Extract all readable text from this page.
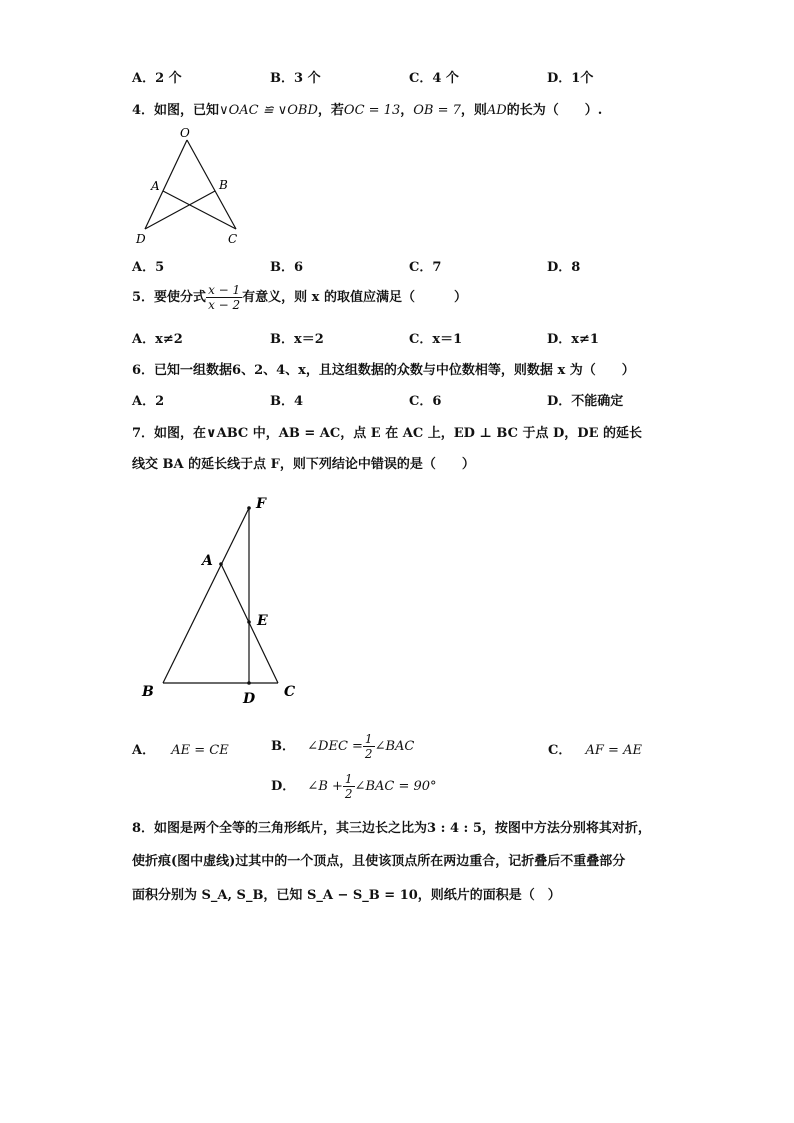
A．2 个	B．3 个	C．4 个	D．1个
4．如图，已知∨OAC ≌ ∨OBD，若OC = 13，OB = 7，则AD的长为（　　）.
O
A	B
D	C
A．5	B．6	C．7	D．8
5．要使分式 $\frac{x - 1}{x - 2}$ 有意义，则 x 的取值应满足（　　　）
A．x≠2	B．x＝2	C．x＝1	D．x≠1
6．已知一组数据6、2、4、x，且这组数据的众数与中位数相等，则数据 x 为（　　）
A．2	B．4	C．6	D．不能确定
7．如图，在∨ABC 中，AB = AC，点 E 在 AC 上，ED ⊥ BC 于点 D，DE 的延长
线交 BA 的延长线于点 F，则下列结论中错误的是（　　）
F
A
E
B	D C
A． AE = CE	B． ∠DEC = $\frac{1}{2}$ ∠BAC	C． AF = AE
D． ∠B + $\frac{1}{2}$ ∠BAC = 90°
8．如图是两个全等的三角形纸片，其三边长之比为3 : 4 : 5，按图中方法分别将其对折，
使折痕(图中虚线)过其中的一个顶点，且使该顶点所在两边重合，记折叠后不重叠部分
面积分别为 S_A, S_B，已知 S_A − S_B = 10，则纸片的面积是（　）
